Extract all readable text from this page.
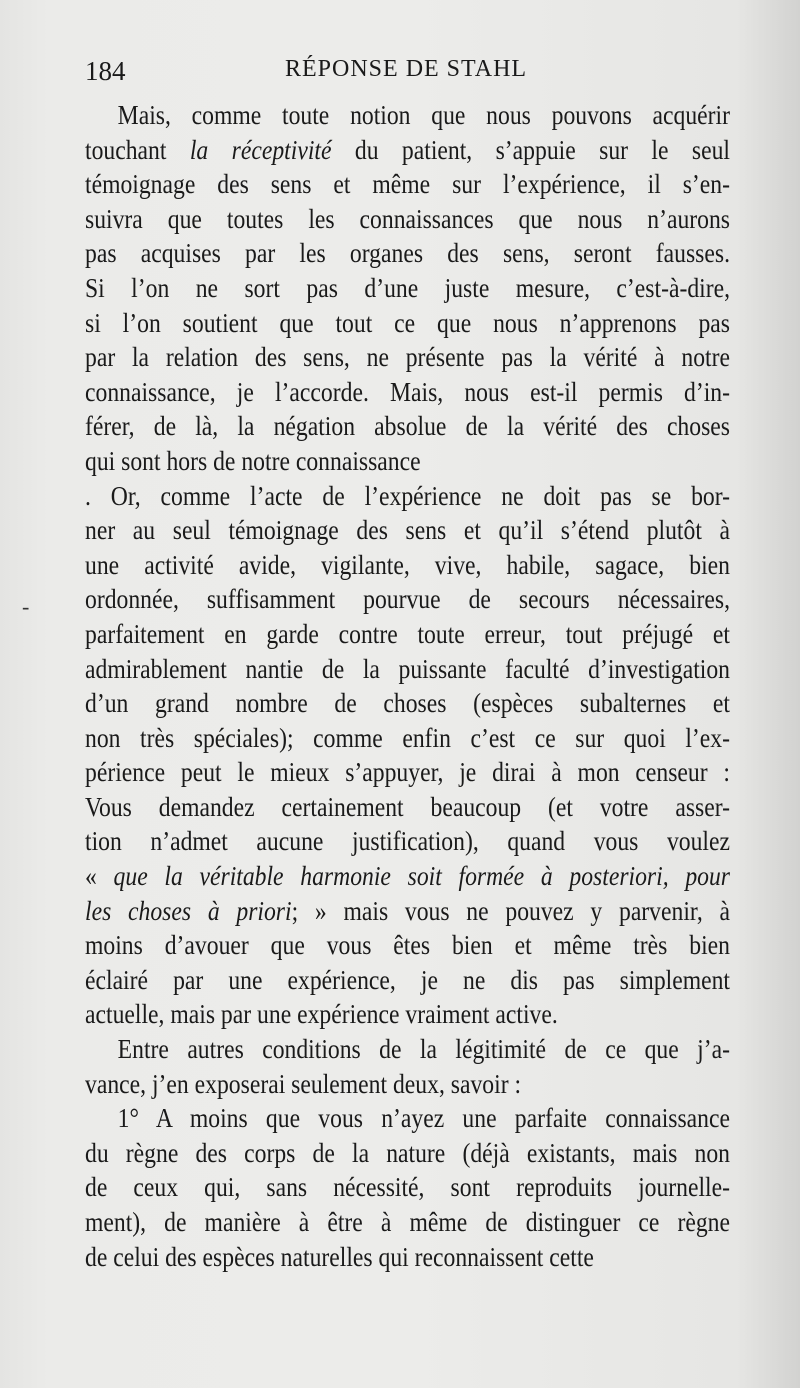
184	RÉPONSE DE STAHL
-

Mais, comme toute notion que nous pouvons acquérir
touchant la réceptivité du patient, s’appuie sur le seul
témoignage des sens et même sur l’expérience, il s’en-
suivra que toutes les connaissances que nous n’aurons
pas acquises par les organes des sens, seront fausses.
Si l’on ne sort pas d’une juste mesure, c’est-à-dire,
si l’on soutient que tout ce que nous n’apprenons pas
par la relation des sens, ne présente pas la vérité à notre
connaissance, je l’accorde. Mais, nous est-il permis d’in-
férer, de là, la négation absolue de la vérité des choses
qui sont hors de notre connaissance

. Or, comme l’acte de l’expérience ne doit pas se bor-
ner au seul témoignage des sens et qu’il s’étend plutôt à
une activité avide, vigilante, vive, habile, sagace, bien
ordonnée, suffisamment pourvue de secours nécessaires,
parfaitement en garde contre toute erreur, tout préjugé et
admirablement nantie de la puissante faculté d’investigation
d’un grand nombre de choses (espèces subalternes et
non très spéciales); comme enfin c’est ce sur quoi l’ex-
périence peut le mieux s’appuyer, je dirai à mon censeur :
Vous demandez certainement beaucoup (et votre asser-
tion n’admet aucune justification), quand vous voulez
« que la véritable harmonie soit formée à posteriori, pour
les choses à priori; » mais vous ne pouvez y parvenir, à
moins d’avouer que vous êtes bien et même très bien
éclairé par une expérience, je ne dis pas simplement
actuelle, mais par une expérience vraiment active.

Entre autres conditions de la légitimité de ce que j’a-
vance, j’en exposerai seulement deux, savoir :

1° A moins que vous n’ayez une parfaite connaissance
du règne des corps de la nature (déjà existants, mais non
de ceux qui, sans nécessité, sont reproduits journelle-
ment), de manière à être à même de distinguer ce règne
de celui des espèces naturelles qui reconnaissent cette
